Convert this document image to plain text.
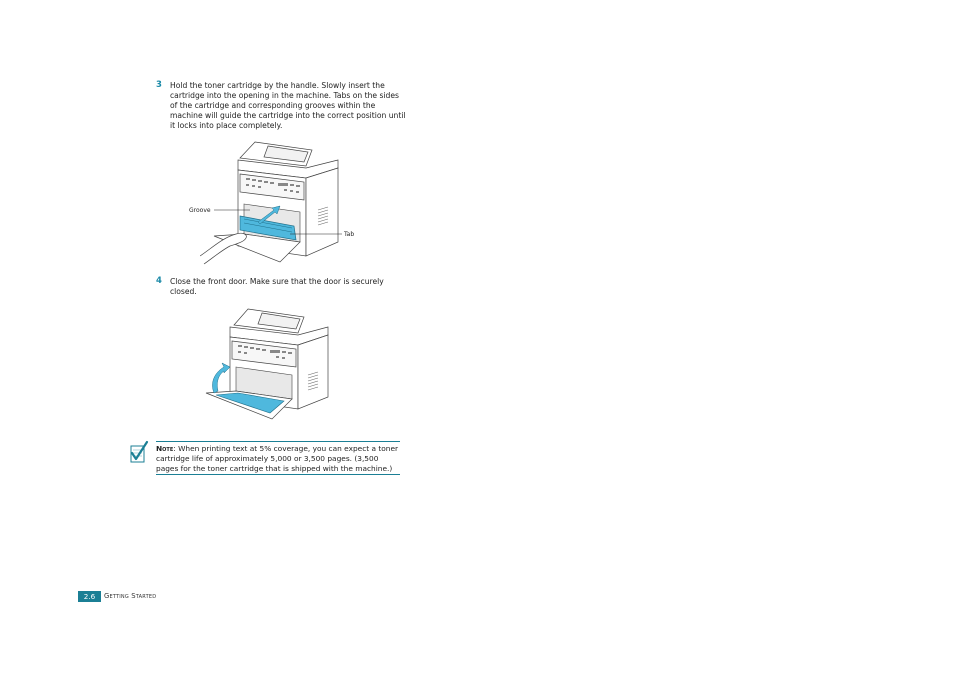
3 Hold the toner cartridge by the handle. Slowly insert the cartridge into the opening in the machine. Tabs on the sides of the cartridge and corresponding grooves within the machine will guide the cartridge into the correct position until it locks into place completely.
Groove
Tab
4 Close the front door. Make sure that the door is securely closed.
Note: When printing text at 5% coverage, you can expect a toner cartridge life of approximately 5,000 or 3,500 pages. (3,500 pages for the toner cartridge that is shipped with the machine.)
2.6	Getting Started
